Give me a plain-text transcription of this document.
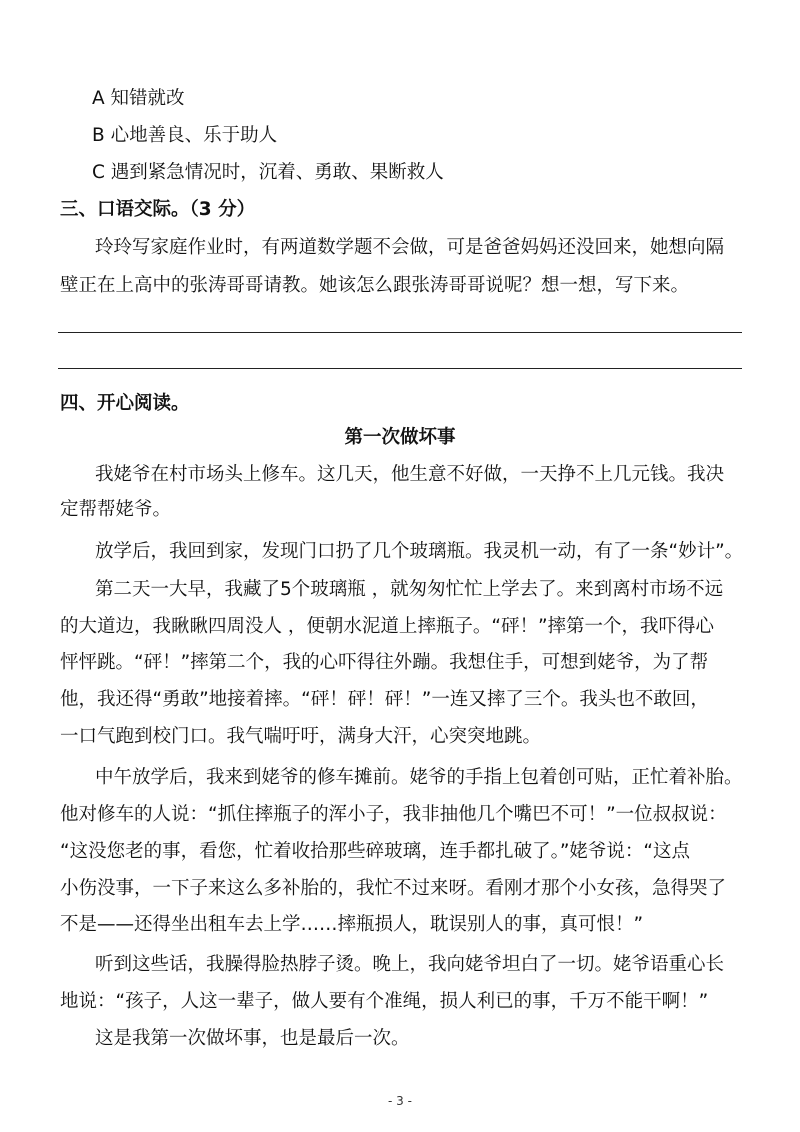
A 知错就改
B 心地善良、乐于助人
C 遇到紧急情况时，沉着、勇敢、果断救人
三、口语交际。（3 分）
玲玲写家庭作业时，有两道数学题不会做，可是爸爸妈妈还没回来，她想向隔
壁正在上高中的张涛哥哥请教。她该怎么跟张涛哥哥说呢？想一想，写下来。
四、开心阅读。
第一次做坏事
我姥爷在村市场头上修车。这几天，他生意不好做，一天挣不上几元钱。我决
定帮帮姥爷。
放学后，我回到家，发现门口扔了几个玻璃瓶。我灵机一动，有了一条“妙计”。
第二天一大早，我藏了5个玻璃瓶 ，就匆匆忙忙上学去了。来到离村市场不远
的大道边，我瞅瞅四周没人 ，便朝水泥道上摔瓶子。“砰！”摔第一个，我吓得心
怦怦跳。“砰！”摔第二个，我的心吓得往外蹦。我想住手，可想到姥爷，为了帮
他，我还得“勇敢”地接着摔。“砰！砰！砰！”一连又摔了三个。我头也不敢回，
一口气跑到校门口。我气喘吁吁，满身大汗，心突突地跳。
中午放学后，我来到姥爷的修车摊前。姥爷的手指上包着创可贴，正忙着补胎。
他对修车的人说：“抓住摔瓶子的浑小子，我非抽他几个嘴巴不可！”一位叔叔说：
“这没您老的事，看您，忙着收拾那些碎玻璃，连手都扎破了。”姥爷说：“这点
小伤没事，一下子来这么多补胎的，我忙不过来呀。看刚才那个小女孩，急得哭了
不是——还得坐出租车去上学……摔瓶损人，耽误别人的事，真可恨！”
听到这些话，我臊得脸热脖子烫。晚上，我向姥爷坦白了一切。姥爷语重心长
地说：“孩子，人这一辈子，做人要有个准绳，损人利已的事，千万不能干啊！”
这是我第一次做坏事，也是最后一次。
- 3 -
